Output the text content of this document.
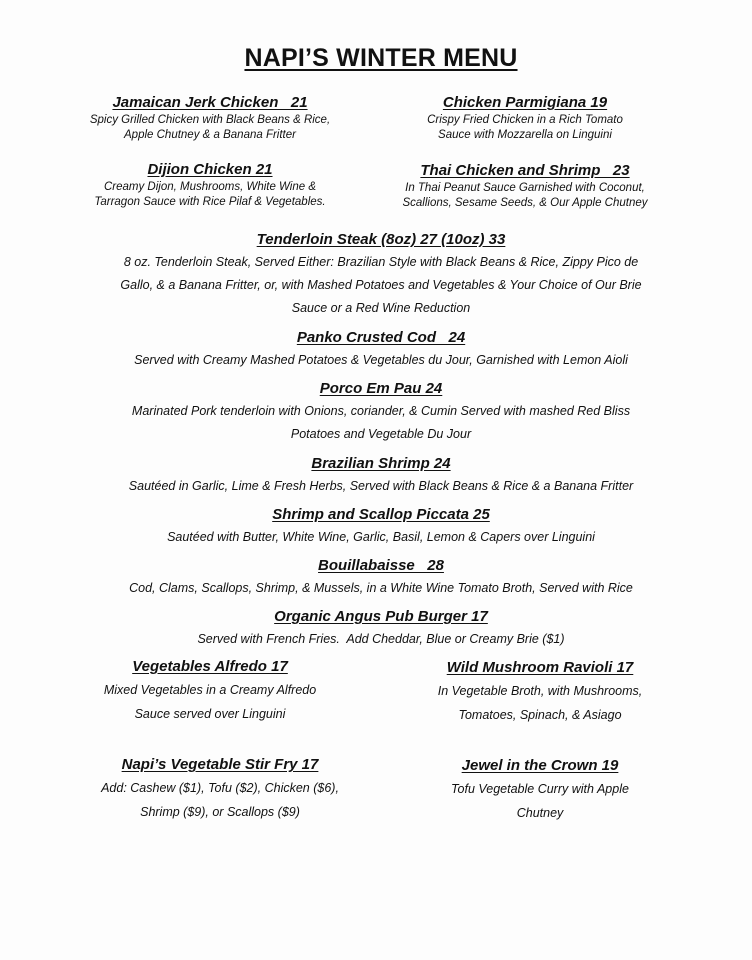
NAPI’S WINTER MENU
Jamaican Jerk Chicken   21
Spicy Grilled Chicken with Black Beans & Rice,
Apple Chutney & a Banana Fritter
Chicken Parmigiana 19
Crispy Fried Chicken in a Rich Tomato
Sauce with Mozzarella on Linguini
Dijion Chicken 21
Creamy Dijon, Mushrooms, White Wine &
Tarragon Sauce with Rice Pilaf & Vegetables.
Thai Chicken and Shrimp   23
In Thai Peanut Sauce Garnished with Coconut,
Scallions, Sesame Seeds, & Our Apple Chutney
Tenderloin Steak (8oz) 27 (10oz) 33
8 oz. Tenderloin Steak, Served Either: Brazilian Style with Black Beans & Rice, Zippy Pico de
Gallo, & a Banana Fritter, or, with Mashed Potatoes and Vegetables & Your Choice of Our Brie
Sauce or a Red Wine Reduction
Panko Crusted Cod   24
Served with Creamy Mashed Potatoes & Vegetables du Jour, Garnished with Lemon Aioli
Porco Em Pau 24
Marinated Pork tenderloin with Onions, coriander, & Cumin Served with mashed Red Bliss
Potatoes and Vegetable Du Jour
Brazilian Shrimp 24
Sautéed in Garlic, Lime & Fresh Herbs, Served with Black Beans & Rice & a Banana Fritter
Shrimp and Scallop Piccata 25
Sautéed with Butter, White Wine, Garlic, Basil, Lemon & Capers over Linguini
Bouillabaisse   28
Cod, Clams, Scallops, Shrimp, & Mussels, in a White Wine Tomato Broth, Served with Rice
Organic Angus Pub Burger 17
Served with French Fries.  Add Cheddar, Blue or Creamy Brie ($1)
Vegetables Alfredo 17
Mixed Vegetables in a Creamy Alfredo
Sauce served over Linguini
Wild Mushroom Ravioli 17
In Vegetable Broth, with Mushrooms,
Tomatoes, Spinach, & Asiago
Napi’s Vegetable Stir Fry 17
Add: Cashew ($1), Tofu ($2), Chicken ($6),
Shrimp ($9), or Scallops ($9)
Jewel in the Crown 19
Tofu Vegetable Curry with Apple
Chutney
